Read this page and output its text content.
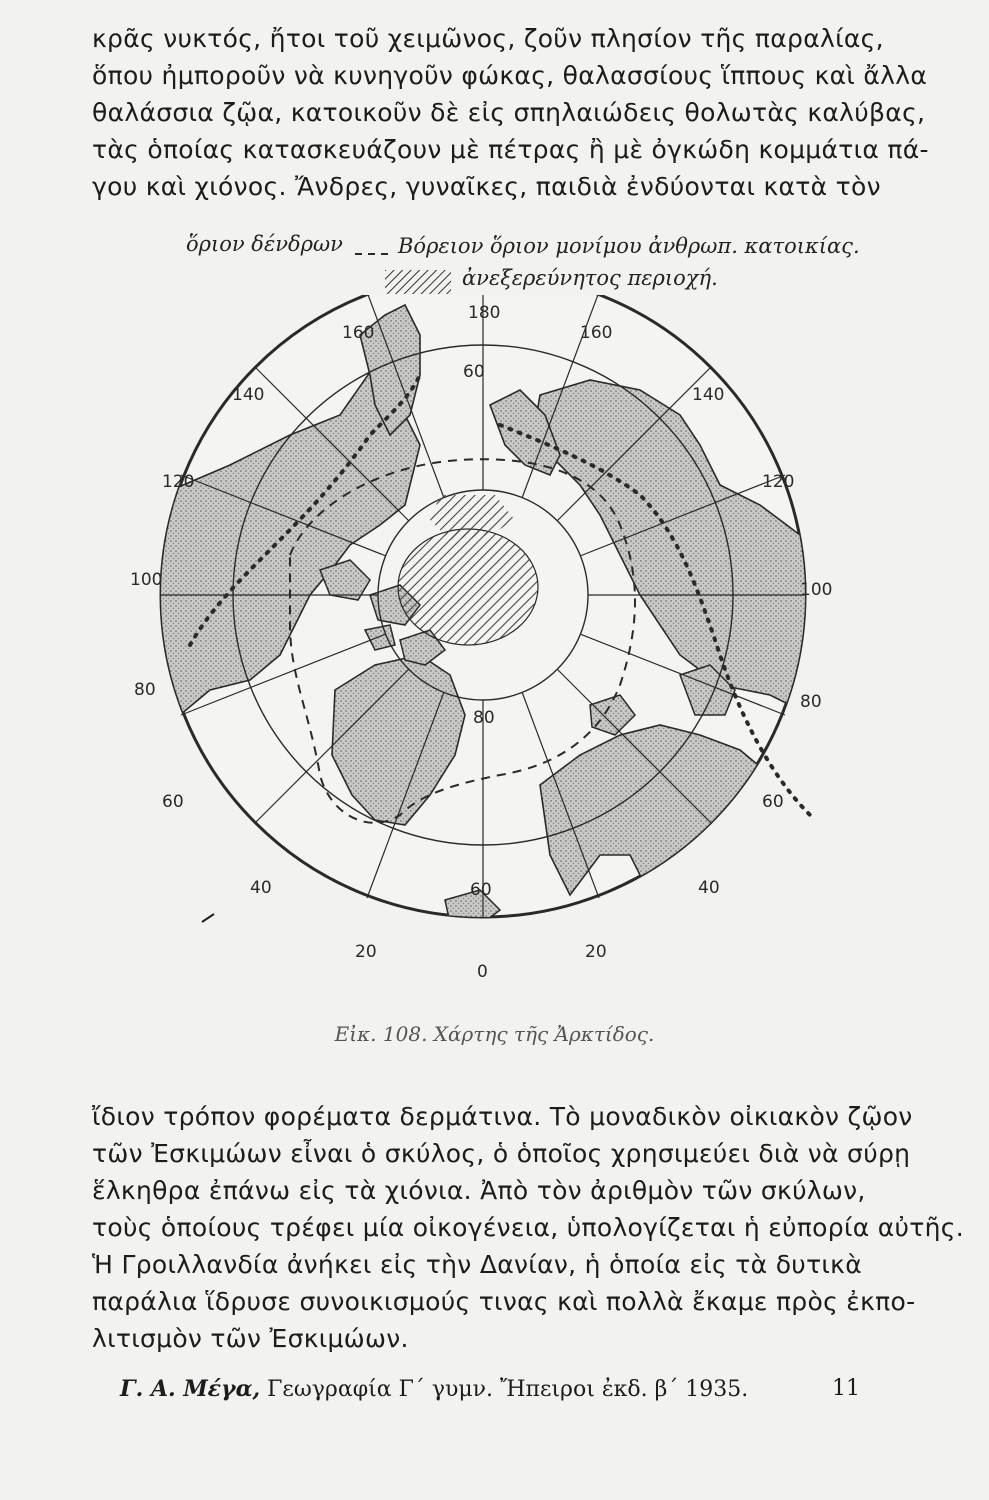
κρᾶς νυκτός, ἤτοι τοῦ χειμῶνος, ζοῦν πλησίον τῆς παραλίας,
ὅπου ἠμποροῦν νὰ κυνηγοῦν φώκας, θαλασσίους ἵππους καὶ ἄλλα
θαλάσσια ζῷα, κατοικοῦν δὲ εἰς σπηλαιώδεις θολωτὰς καλύβας,
τὰς ὁποίας κατασκευάζουν μὲ πέτρας ἢ μὲ ὀγκώδη κομμάτια πά-
γου καὶ χιόνος. Ἄνδρες, γυναῖκες, παιδιὰ ἐνδύονται κατὰ τὸν
ὅριον δένδρων	Βόρειον ὅριον μονίμου ἀνθρωπ. κατοικίας.
ἀνεξερεύνητος περιοχή.
180
160	160
140	140
120	120
100	100
80
80
60	60
40	40
20	20
0
60
60
80
Εἰκ. 108. Χάρτης τῆς Ἀρκτίδος.
ἴδιον τρόπον φορέματα δερμάτινα. Τὸ μοναδικὸν οἰκιακὸν ζῷον
τῶν Ἐσκιμώων εἶναι ὁ σκύλος, ὁ ὁποῖος χρησιμεύει διὰ νὰ σύρῃ
ἕλκηθρα ἐπάνω εἰς τὰ χιόνια. Ἀπὸ τὸν ἀριθμὸν τῶν σκύλων,
τοὺς ὁποίους τρέφει μία οἰκογένεια, ὑπολογίζεται ἡ εὐπορία αὐτῆς.
Ἡ Γροιλλανδία ἀνήκει εἰς τὴν Δανίαν, ἡ ὁποία εἰς τὰ δυτικὰ
παράλια ἵδρυσε συνοικισμούς τινας καὶ πολλὰ ἔκαμε πρὸς ἐκπο-
λιτισμὸν τῶν Ἐσκιμώων.
Γ. Α. Μέγα, Γεωγραφία Γ΄ γυμν. Ἤπειροι ἐκδ. β΄ 1935.	11
